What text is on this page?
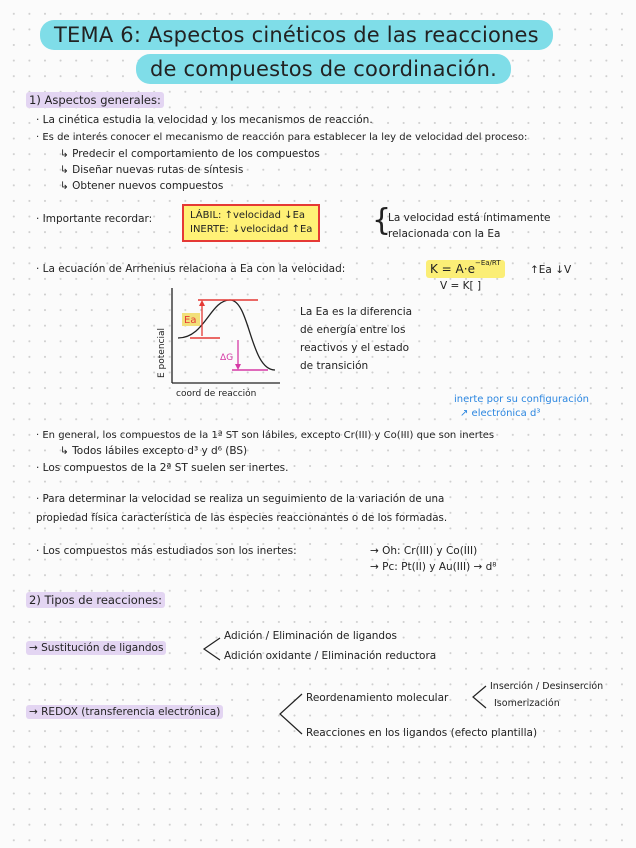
TEMA 6: Aspectos cinéticos de las reacciones
de compuestos de coordinación.
1) Aspectos generales:
· La cinética estudia la velocidad y los mecanismos de reacción.
· Es de interés conocer el mecanismo de reacción para establecer la ley de velocidad del proceso:
↳ Predecir el comportamiento de los compuestos
↳ Diseñar nuevas rutas de síntesis
↳ Obtener nuevos compuestos
· Importante recordar:	LÁBIL: ↑velocidad ↓Ea
INERTE: ↓velocidad ↑Ea {
La velocidad está íntimamente
relacionada con la Ea
· La ecuación de Arrhenius relaciona a Ea con la velocidad:	$K = A\cdot e^{-Ea/RT}$
↑Ea ↓V
V = K[ ]
E potencial
coord de reacción
Ea
ΔG
La Ea es la diferencia
de energía entre los
reactivos y el estado
de transición
inerte por su configuración
↗ electrónica d³
· En general, los compuestos de la 1ª ST son lábiles, excepto Cr(III) y Co(III) que son inertes
↳ Todos lábiles excepto d³ y d⁶ (BS)
· Los compuestos de la 2ª ST suelen ser inertes.
· Para determinar la velocidad se realiza un seguimiento de la variación de una
propiedad física característica de las especies reaccionantes o de los formadas.
· Los compuestos más estudiados son los inertes:	→ Oh: Cr(III) y Co(III)
→ Pc: Pt(II) y Au(III) → d⁸
2) Tipos de reacciones:
→ Sustitución de ligandos
Adición / Eliminación de ligandos
Adición oxidante / Eliminación reductora
→ REDOX (transferencia electrónica)
Reordenamiento molecular
Inserción / Desinserción
Isomerización
Reacciones en los ligandos (efecto plantilla)
